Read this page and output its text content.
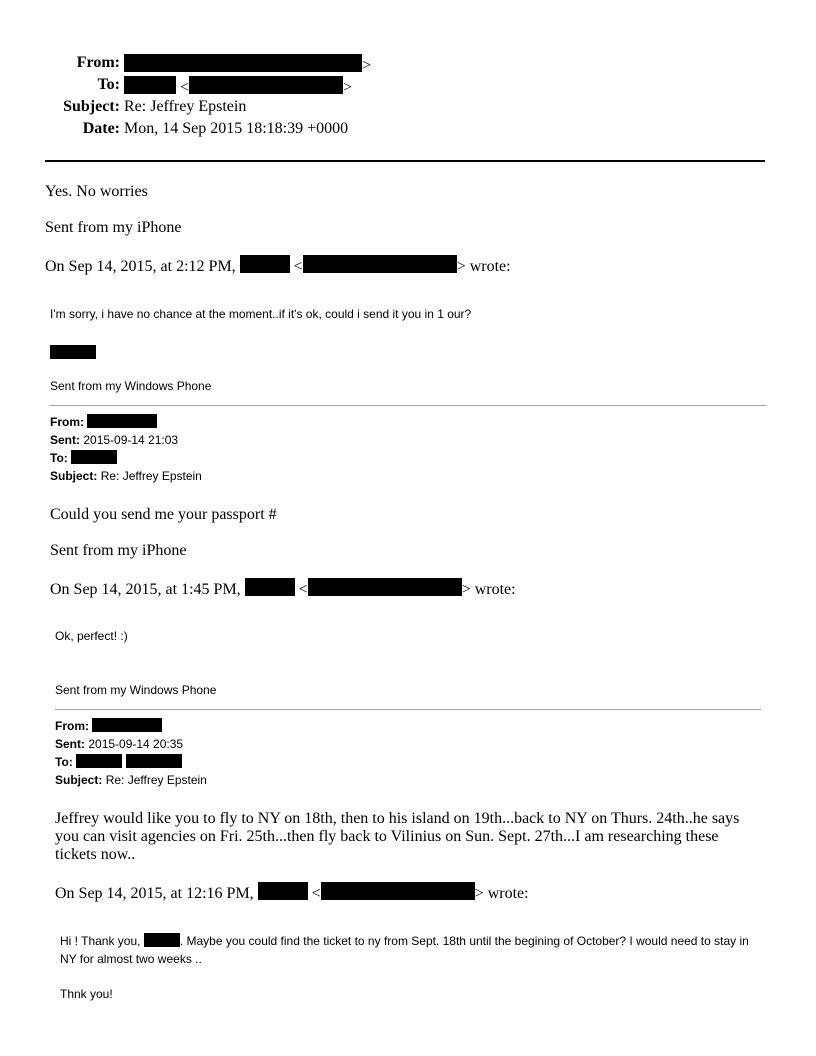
From:	>
To:	<	>
Subject: Re: Jeffrey Epstein
Date: Mon, 14 Sep 2015 18:18:39 +0000
Yes. No worries
Sent from my iPhone
On Sep 14, 2015, at 2:12 PM,	<	> wrote:
I'm sorry, i have no chance at the moment..if it's ok, could i send it you in 1 our?
Sent from my Windows Phone
From:
Sent: 2015-09-14 21:03
To:
Subject: Re: Jeffrey Epstein
Could you send me your passport #
Sent from my iPhone
On Sep 14, 2015, at 1:45 PM,	<	> wrote:
Ok, perfect! :)
Sent from my Windows Phone
From:
Sent: 2015-09-14 20:35
To:
Subject: Re: Jeffrey Epstein
Jeffrey would like you to fly to NY on 18th, then to his island on 19th...back to NY on Thurs. 24th..he says you can visit agencies on Fri. 25th...then fly back to Vilinius on Sun. Sept. 27th...I am researching these tickets now..
On Sep 14, 2015, at 12:16 PM,	<	> wrote:
Hi ! Thank you,	. Maybe you could find the ticket to ny from Sept. 18th until the begining of October? I would need to stay in NY for almost two weeks ..
Thnk you!
